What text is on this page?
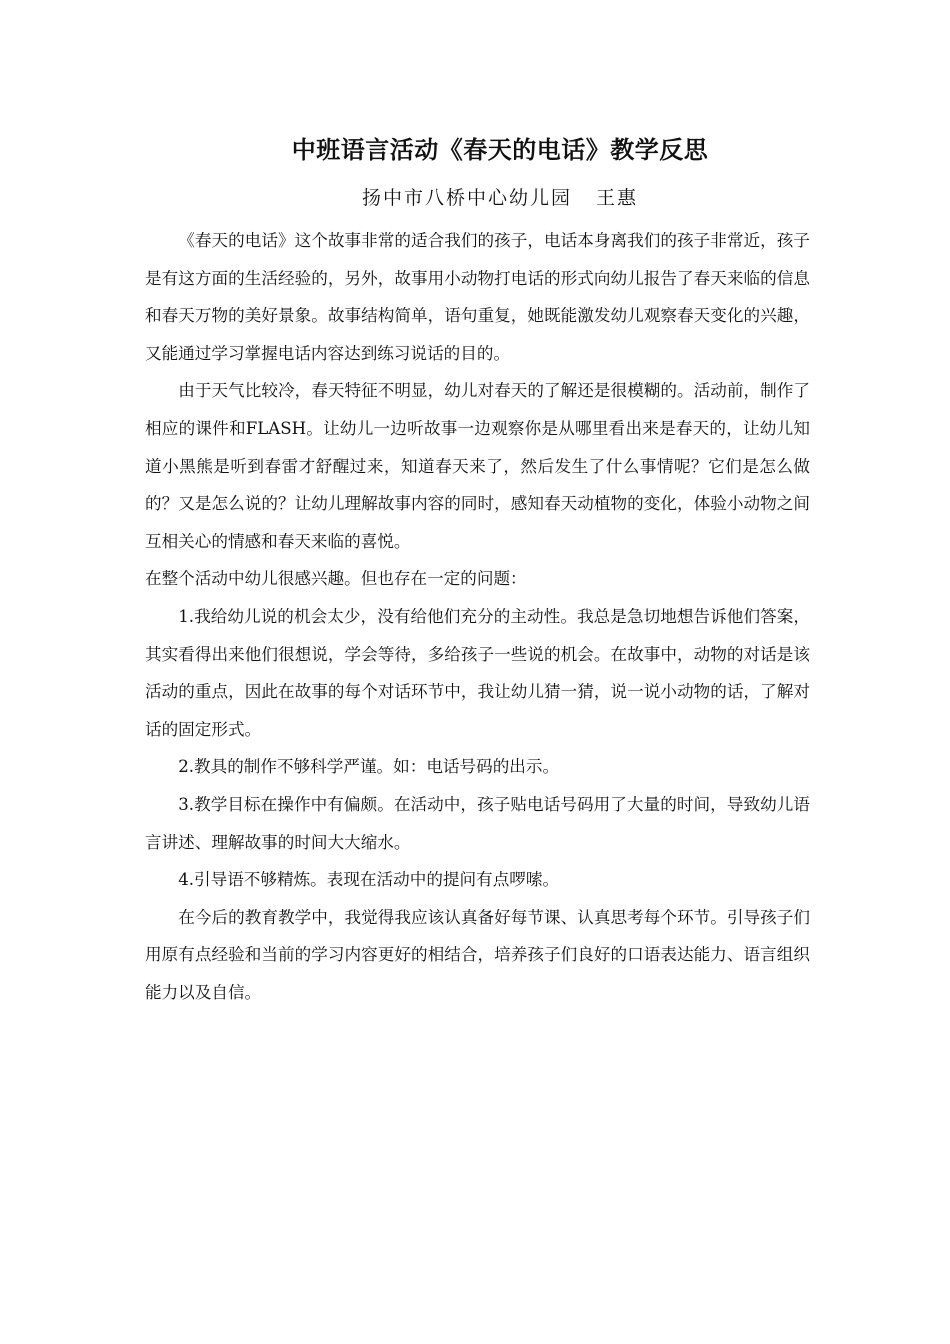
中班语言活动《春天的电话》教学反思
扬中市八桥中心幼儿园   王惠

《春天的电话》这个故事非常的适合我们的孩子，电话本身离我们的孩子非常近，孩子是有这方面的生活经验的，另外，故事用小动物打电话的形式向幼儿报告了春天来临的信息和春天万物的美好景象。故事结构简单，语句重复，她既能激发幼儿观察春天变化的兴趣，又能通过学习掌握电话内容达到练习说话的目的。

由于天气比较冷，春天特征不明显，幼儿对春天的了解还是很模糊的。活动前，制作了相应的课件和FLASH。让幼儿一边听故事一边观察你是从哪里看出来是春天的，让幼儿知道小黑熊是听到春雷才舒醒过来，知道春天来了，然后发生了什么事情呢？它们是怎么做的？又是怎么说的？让幼儿理解故事内容的同时，感知春天动植物的变化，体验小动物之间互相关心的情感和春天来临的喜悦。

在整个活动中幼儿很感兴趣。但也存在一定的问题：

1.我给幼儿说的机会太少，没有给他们充分的主动性。我总是急切地想告诉他们答案，其实看得出来他们很想说，学会等待，多给孩子一些说的机会。在故事中，动物的对话是该活动的重点，因此在故事的每个对话环节中，我让幼儿猜一猜，说一说小动物的话，了解对话的固定形式。

2.教具的制作不够科学严谨。如：电话号码的出示。

3.教学目标在操作中有偏颇。在活动中，孩子贴电话号码用了大量的时间，导致幼儿语言讲述、理解故事的时间大大缩水。

4.引导语不够精炼。表现在活动中的提问有点啰嗦。

在今后的教育教学中，我觉得我应该认真备好每节课、认真思考每个环节。引导孩子们用原有点经验和当前的学习内容更好的相结合，培养孩子们良好的口语表达能力、语言组织能力以及自信。
